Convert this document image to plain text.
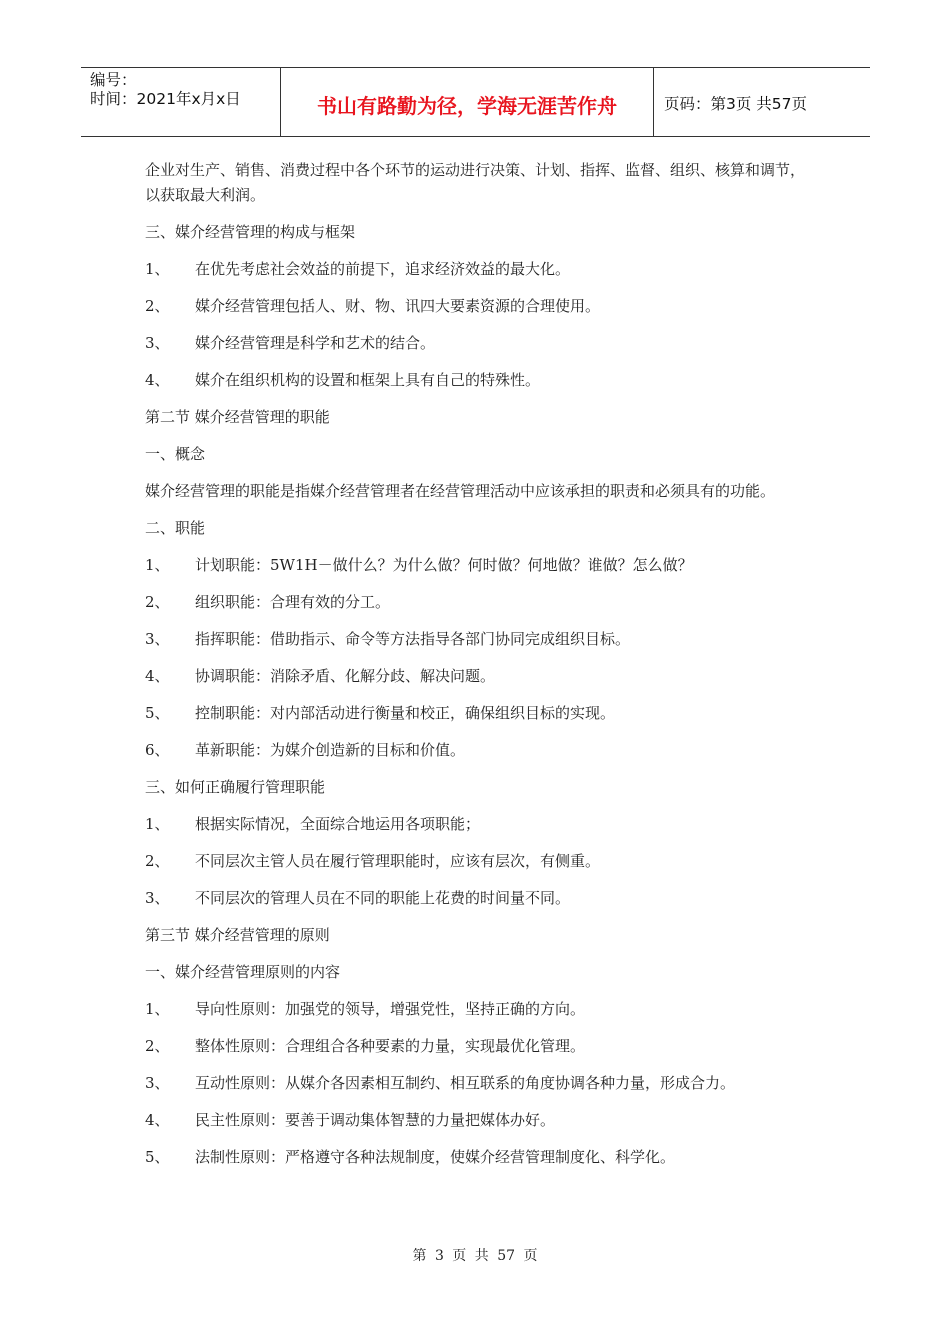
编号：
时间：2021年x月x日	书山有路勤为径，学海无涯苦作舟	页码：第3页 共57页
企业对生产、销售、消费过程中各个环节的运动进行决策、计划、指挥、监督、组织、核算和调节，以获取最大利润。
三、媒介经营管理的构成与框架
1、 在优先考虑社会效益的前提下，追求经济效益的最大化。
2、 媒介经营管理包括人、财、物、讯四大要素资源的合理使用。
3、 媒介经营管理是科学和艺术的结合。
4、 媒介在组织机构的设置和框架上具有自己的特殊性。
第二节 媒介经营管理的职能
一、概念
媒介经营管理的职能是指媒介经营管理者在经营管理活动中应该承担的职责和必须具有的功能。
二、职能
1、 计划职能：5W1H－做什么？为什么做？何时做？何地做？谁做？怎么做？
2、 组织职能：合理有效的分工。
3、 指挥职能：借助指示、命令等方法指导各部门协同完成组织目标。
4、 协调职能：消除矛盾、化解分歧、解决问题。
5、 控制职能：对内部活动进行衡量和校正，确保组织目标的实现。
6、 革新职能：为媒介创造新的目标和价值。
三、如何正确履行管理职能
1、 根据实际情况，全面综合地运用各项职能；
2、 不同层次主管人员在履行管理职能时，应该有层次，有侧重。
3、 不同层次的管理人员在不同的职能上花费的时间量不同。
第三节 媒介经营管理的原则
一、媒介经营管理原则的内容
1、 导向性原则：加强党的领导，增强党性，坚持正确的方向。
2、 整体性原则：合理组合各种要素的力量，实现最优化管理。
3、 互动性原则：从媒介各因素相互制约、相互联系的角度协调各种力量，形成合力。
4、 民主性原则：要善于调动集体智慧的力量把媒体办好。
5、 法制性原则：严格遵守各种法规制度，使媒介经营管理制度化、科学化。
第 3 页 共 57 页
